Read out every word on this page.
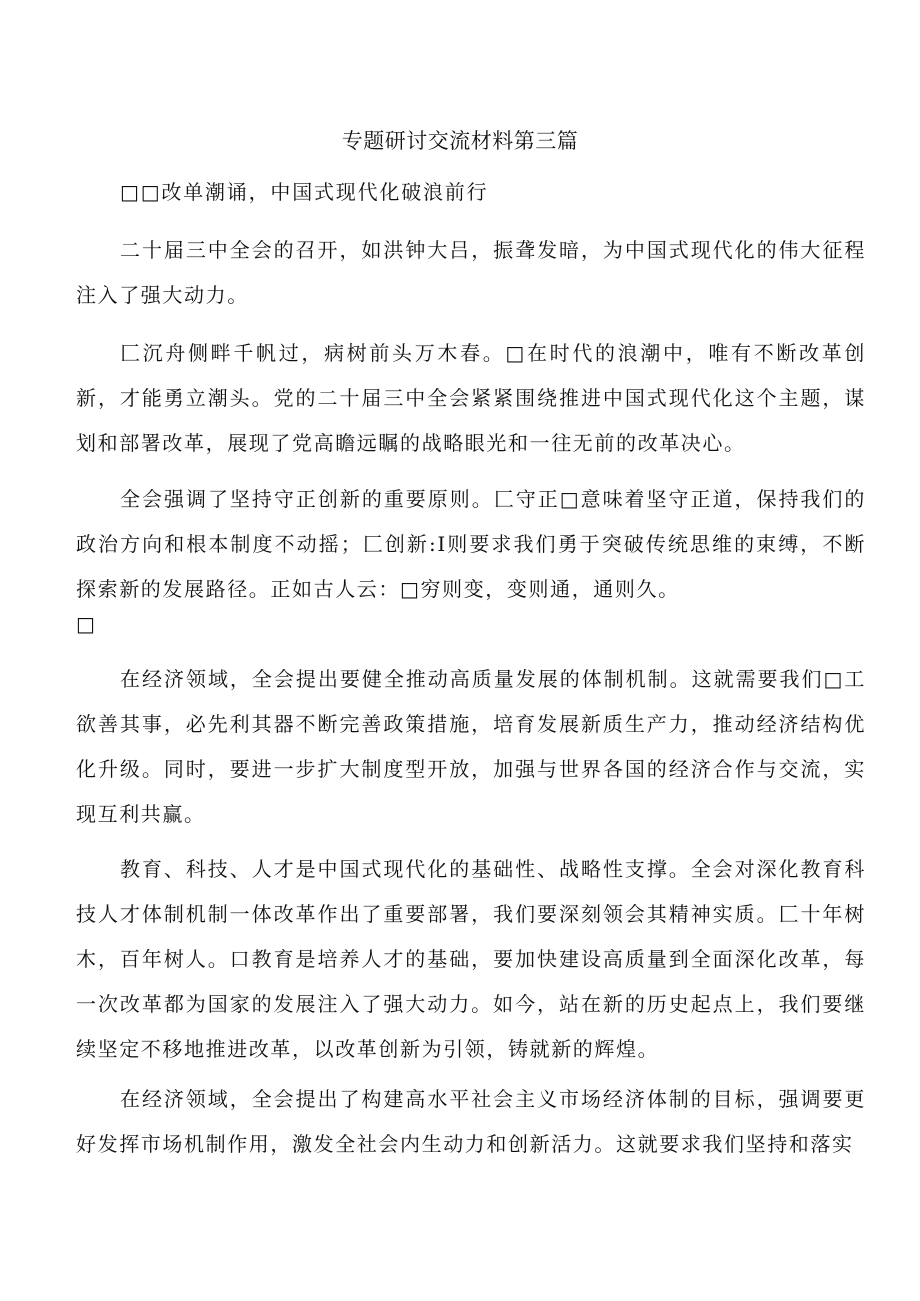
专题研讨交流材料第三篇

□□改单潮诵，中国式现代化破浪前行

二十届三中全会的召开，如洪钟大吕，振聋发暗，为中国式现代化的伟大征程注入了强大动力。

匚沉舟侧畔千帆过，病树前头万木春。□在时代的浪潮中，唯有不断改革创新，才能勇立潮头。党的二十届三中全会紧紧围绕推进中国式现代化这个主题，谋划和部署改革，展现了党高瞻远瞩的战略眼光和一往无前的改革决心。

全会强调了坚持守正创新的重要原则。匚守正□意味着坚守正道，保持我们的政治方向和根本制度不动摇；匚创新:I则要求我们勇于突破传统思维的束缚，不断探索新的发展路径。正如古人云：□穷则变，变则通，通则久。

□

在经济领域，全会提出要健全推动高质量发展的体制机制。这就需要我们□工欲善其事，必先利其器不断完善政策措施，培育发展新质生产力，推动经济结构优化升级。同时，要进一步扩大制度型开放，加强与世界各国的经济合作与交流，实现互利共赢。

教育、科技、人才是中国式现代化的基础性、战略性支撑。全会对深化教育科技人才体制机制一体改革作出了重要部署，我们要深刻领会其精神实质。匚十年树木，百年树人。口教育是培养人才的基础，要加快建设高质量到全面深化改革，每一次改革都为国家的发展注入了强大动力。如今，站在新的历史起点上，我们要继续坚定不移地推进改革，以改革创新为引领，铸就新的辉煌。

在经济领域，全会提出了构建高水平社会主义市场经济体制的目标，强调要更好发挥市场机制作用，激发全社会内生动力和创新活力。这就要求我们坚持和落实
